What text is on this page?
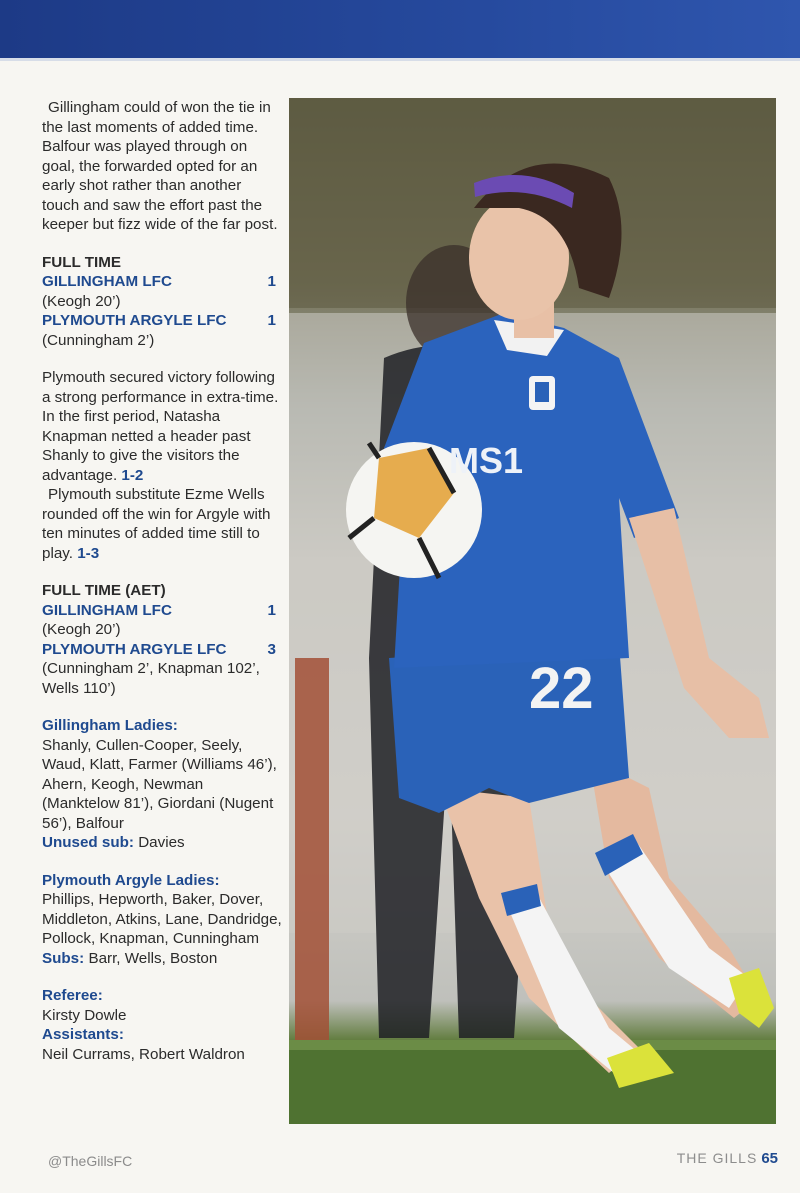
Gillingham could of won the tie in the last moments of added time. Balfour was played through on goal, the forwarded opted for an early shot rather than another touch and saw the effort past the keeper but fizz wide of the far post.

FULL TIME

GILLINGHAM LFC	1

(Keogh 20’)

PLYMOUTH ARGYLE LFC	1

(Cunningham 2’)

Plymouth secured victory following a strong performance in extra-time. In the first period, Natasha Knapman netted a header past Shanly to give the visitors the advantage. 1-2

Plymouth substitute Ezme Wells rounded off the win for Argyle with ten minutes of added time still to play. 1-3

FULL TIME (AET)

GILLINGHAM LFC	1

(Keogh 20’)

PLYMOUTH ARGYLE LFC	3

(Cunningham 2’, Knapman 102’, Wells 110’)

Gillingham Ladies:

Shanly, Cullen-Cooper, Seely, Waud, Klatt, Farmer (Williams 46’), Ahern, Keogh, Newman (Manktelow 81’), Giordani (Nugent 56’), Balfour

Unused sub: Davies

Plymouth Argyle Ladies:

Phillips, Hepworth, Baker, Dover, Middleton, Atkins, Lane, Dandridge, Pollock, Knapman, Cunningham

Subs: Barr, Wells, Boston

Referee:

Kirsty Dowle

Assistants:

Neil Currams, Robert Waldron

MS1
22
@TheGillsFC	THE GILLS 65
